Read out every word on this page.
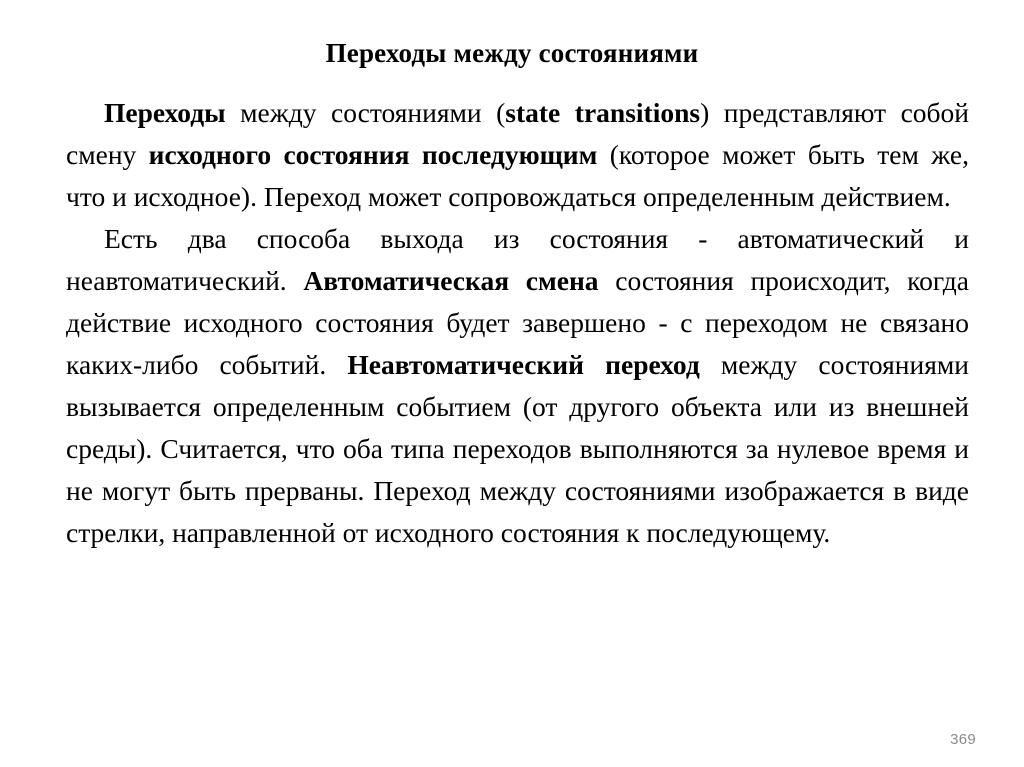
Переходы между состояниями

Переходы между состояниями (state transitions) представляют собой смену исходного состояния последующим (которое может быть тем же, что и исходное). Переход может сопровождаться определенным действием.

Есть два способа выхода из состояния - автоматический и неавтоматический. Автоматическая смена состояния происходит, когда действие исходного состояния будет завершено - с переходом не связано каких-либо событий. Неавтоматический переход между состояниями вызывается определенным событием (от другого объекта или из внешней среды). Считается, что оба типа переходов выполняются за нулевое время и не могут быть прерваны. Переход между состояниями изображается в виде стрелки, направленной от исходного состояния к последующему.

369
